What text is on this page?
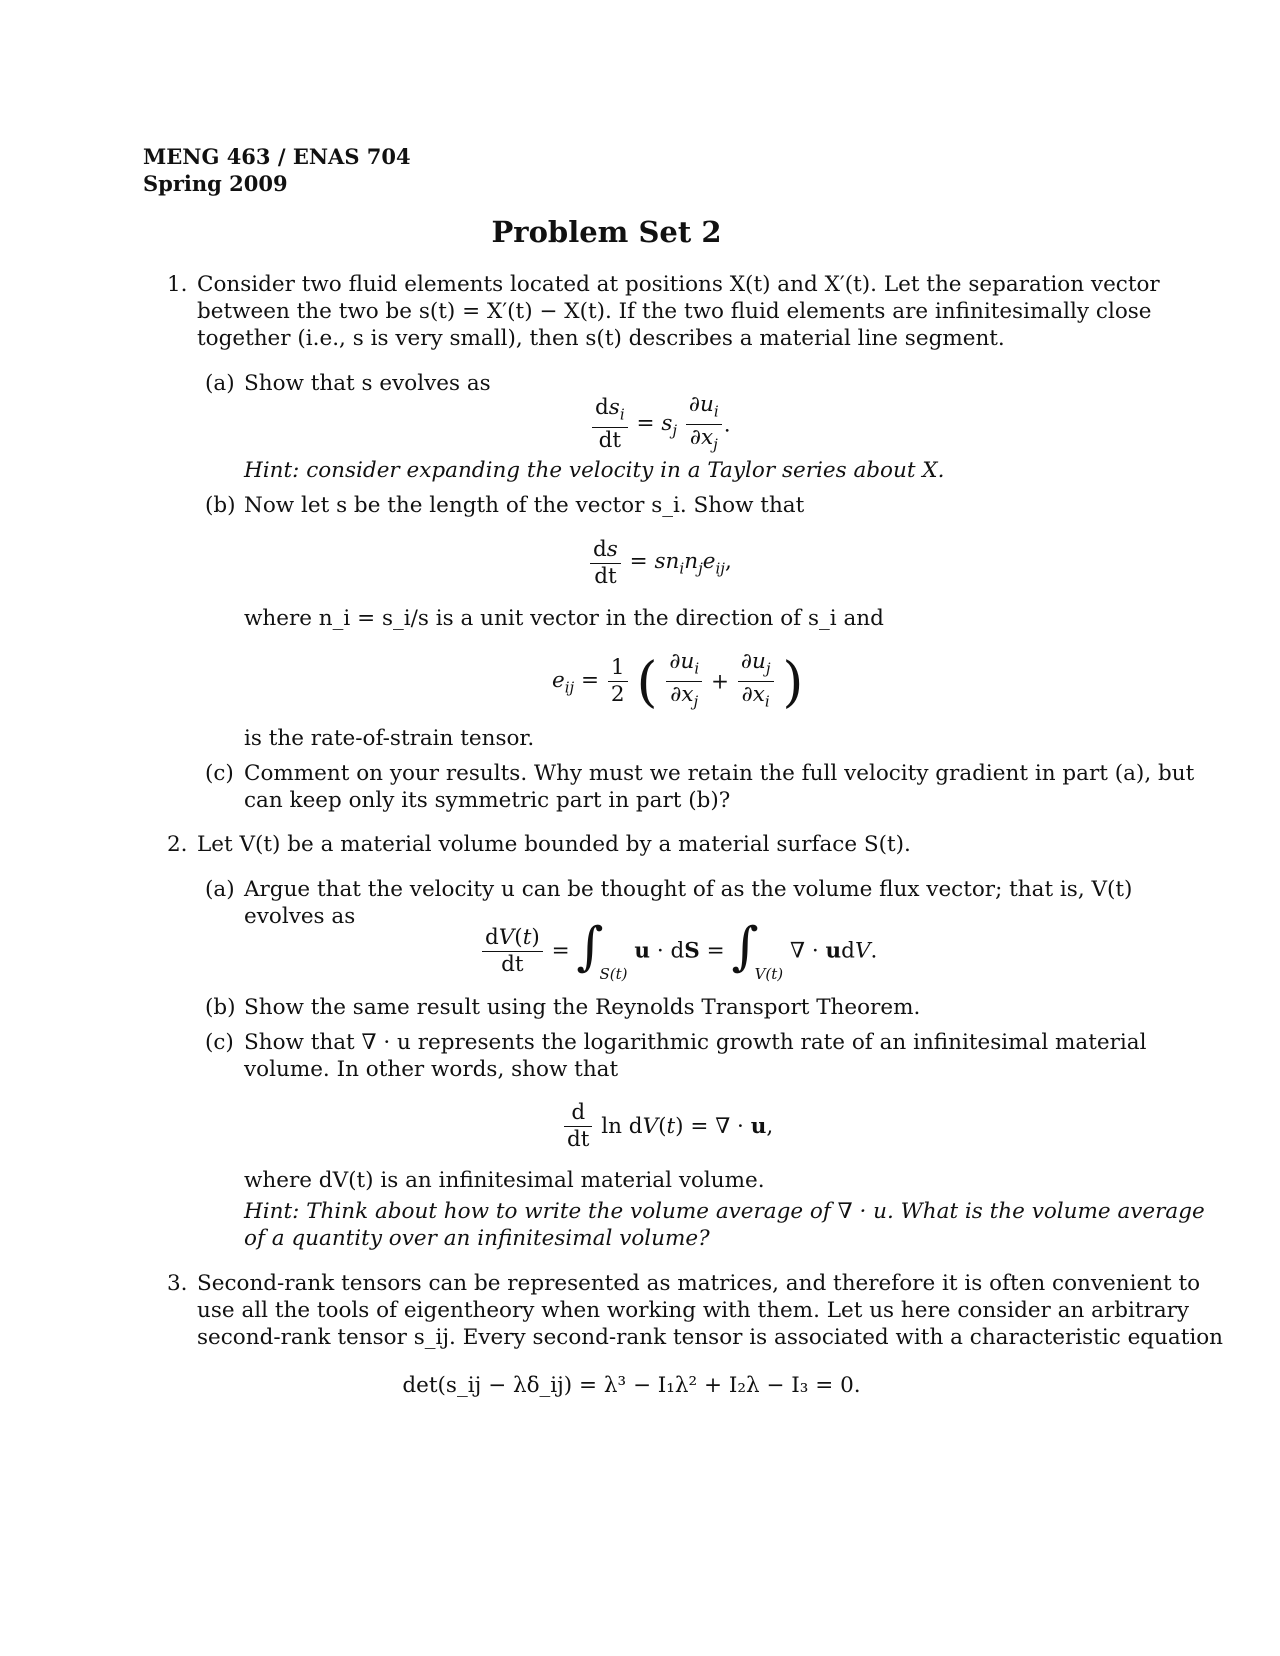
MENG 463 / ENAS 704
Spring 2009
Problem Set 2
1. Consider two fluid elements located at positions X(t) and X′(t). Let the separation vector
between the two be s(t) = X′(t) − X(t). If the two fluid elements are infinitesimally close
together (i.e., s is very small), then s(t) describes a material line segment.
(a) Show that s evolves as
$\frac{ds_i}{dt} = s_j \frac{\partial u_i}{\partial x_j}$ .
Hint: consider expanding the velocity in a Taylor series about X.
(b) Now let s be the length of the vector s_i. Show that
$\frac{ds}{dt} = sn_in_je_{ij}$,
where n_i = s_i/s is a unit vector in the direction of s_i and
$e_{ij} = \frac{1}{2}$ ( $\frac{\partial u_i}{\partial x_j} + \frac{\partial u_j}{\partial x_i}$ )
is the rate-of-strain tensor.
(c) Comment on your results. Why must we retain the full velocity gradient in part (a), but
can keep only its symmetric part in part (b)?
2. Let V(t) be a material volume bounded by a material surface S(t).
(a) Argue that the velocity u can be thought of as the volume flux vector; that is, V(t)
evolves as
$\frac{dV(t)}{dt} = \int S(t) u$ · dS = ∫V(t) ∇ · udV.
(b) Show the same result using the Reynolds Transport Theorem.
(c) Show that ∇ · u represents the logarithmic growth rate of an infinitesimal material
volume. In other words, show that
$\frac{d}{dt}$ ln dV(t) = ∇ · u,
where dV(t) is an infinitesimal material volume.
Hint: Think about how to write the volume average of ∇ · u. What is the volume average
of a quantity over an infinitesimal volume?
3. Second-rank tensors can be represented as matrices, and therefore it is often convenient to
use all the tools of eigentheory when working with them. Let us here consider an arbitrary
second-rank tensor s_ij. Every second-rank tensor is associated with a characteristic equation
det(s_ij − λδ_ij) = λ³ − I₁λ² + I₂λ − I₃ = 0.
